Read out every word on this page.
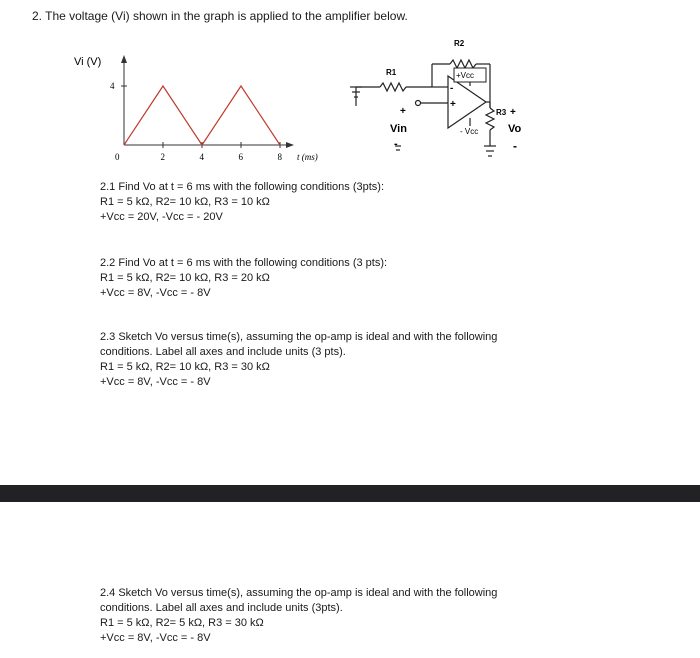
2. The voltage (Vi) shown in the graph is applied to the amplifier below.
Vi (V)
4
0	2	4	6	8 t (ms)
+Vcc
R1
R2
R3
- Vcc
-
+
+
Vin
-
+
Vo
-
2.1 Find Vo at t = 6 ms with the following conditions (3pts):
R1 = 5 kΩ, R2= 10 kΩ, R3 = 10 kΩ
+Vcc = 20V, -Vcc = - 20V
2.2 Find Vo at t = 6 ms with the following conditions (3 pts):
R1 = 5 kΩ, R2= 10 kΩ, R3 = 20 kΩ
+Vcc = 8V, -Vcc = - 8V
2.3 Sketch Vo versus time(s), assuming the op-amp is ideal and with the following
conditions. Label all axes and include units (3 pts).
R1 = 5 kΩ, R2= 10 kΩ, R3 = 30 kΩ
+Vcc = 8V, -Vcc = - 8V
2.4 Sketch Vo versus time(s), assuming the op-amp is ideal and with the following
conditions. Label all axes and include units (3pts).
R1 = 5 kΩ, R2= 5 kΩ, R3 = 30 kΩ
+Vcc = 8V, -Vcc = - 8V
